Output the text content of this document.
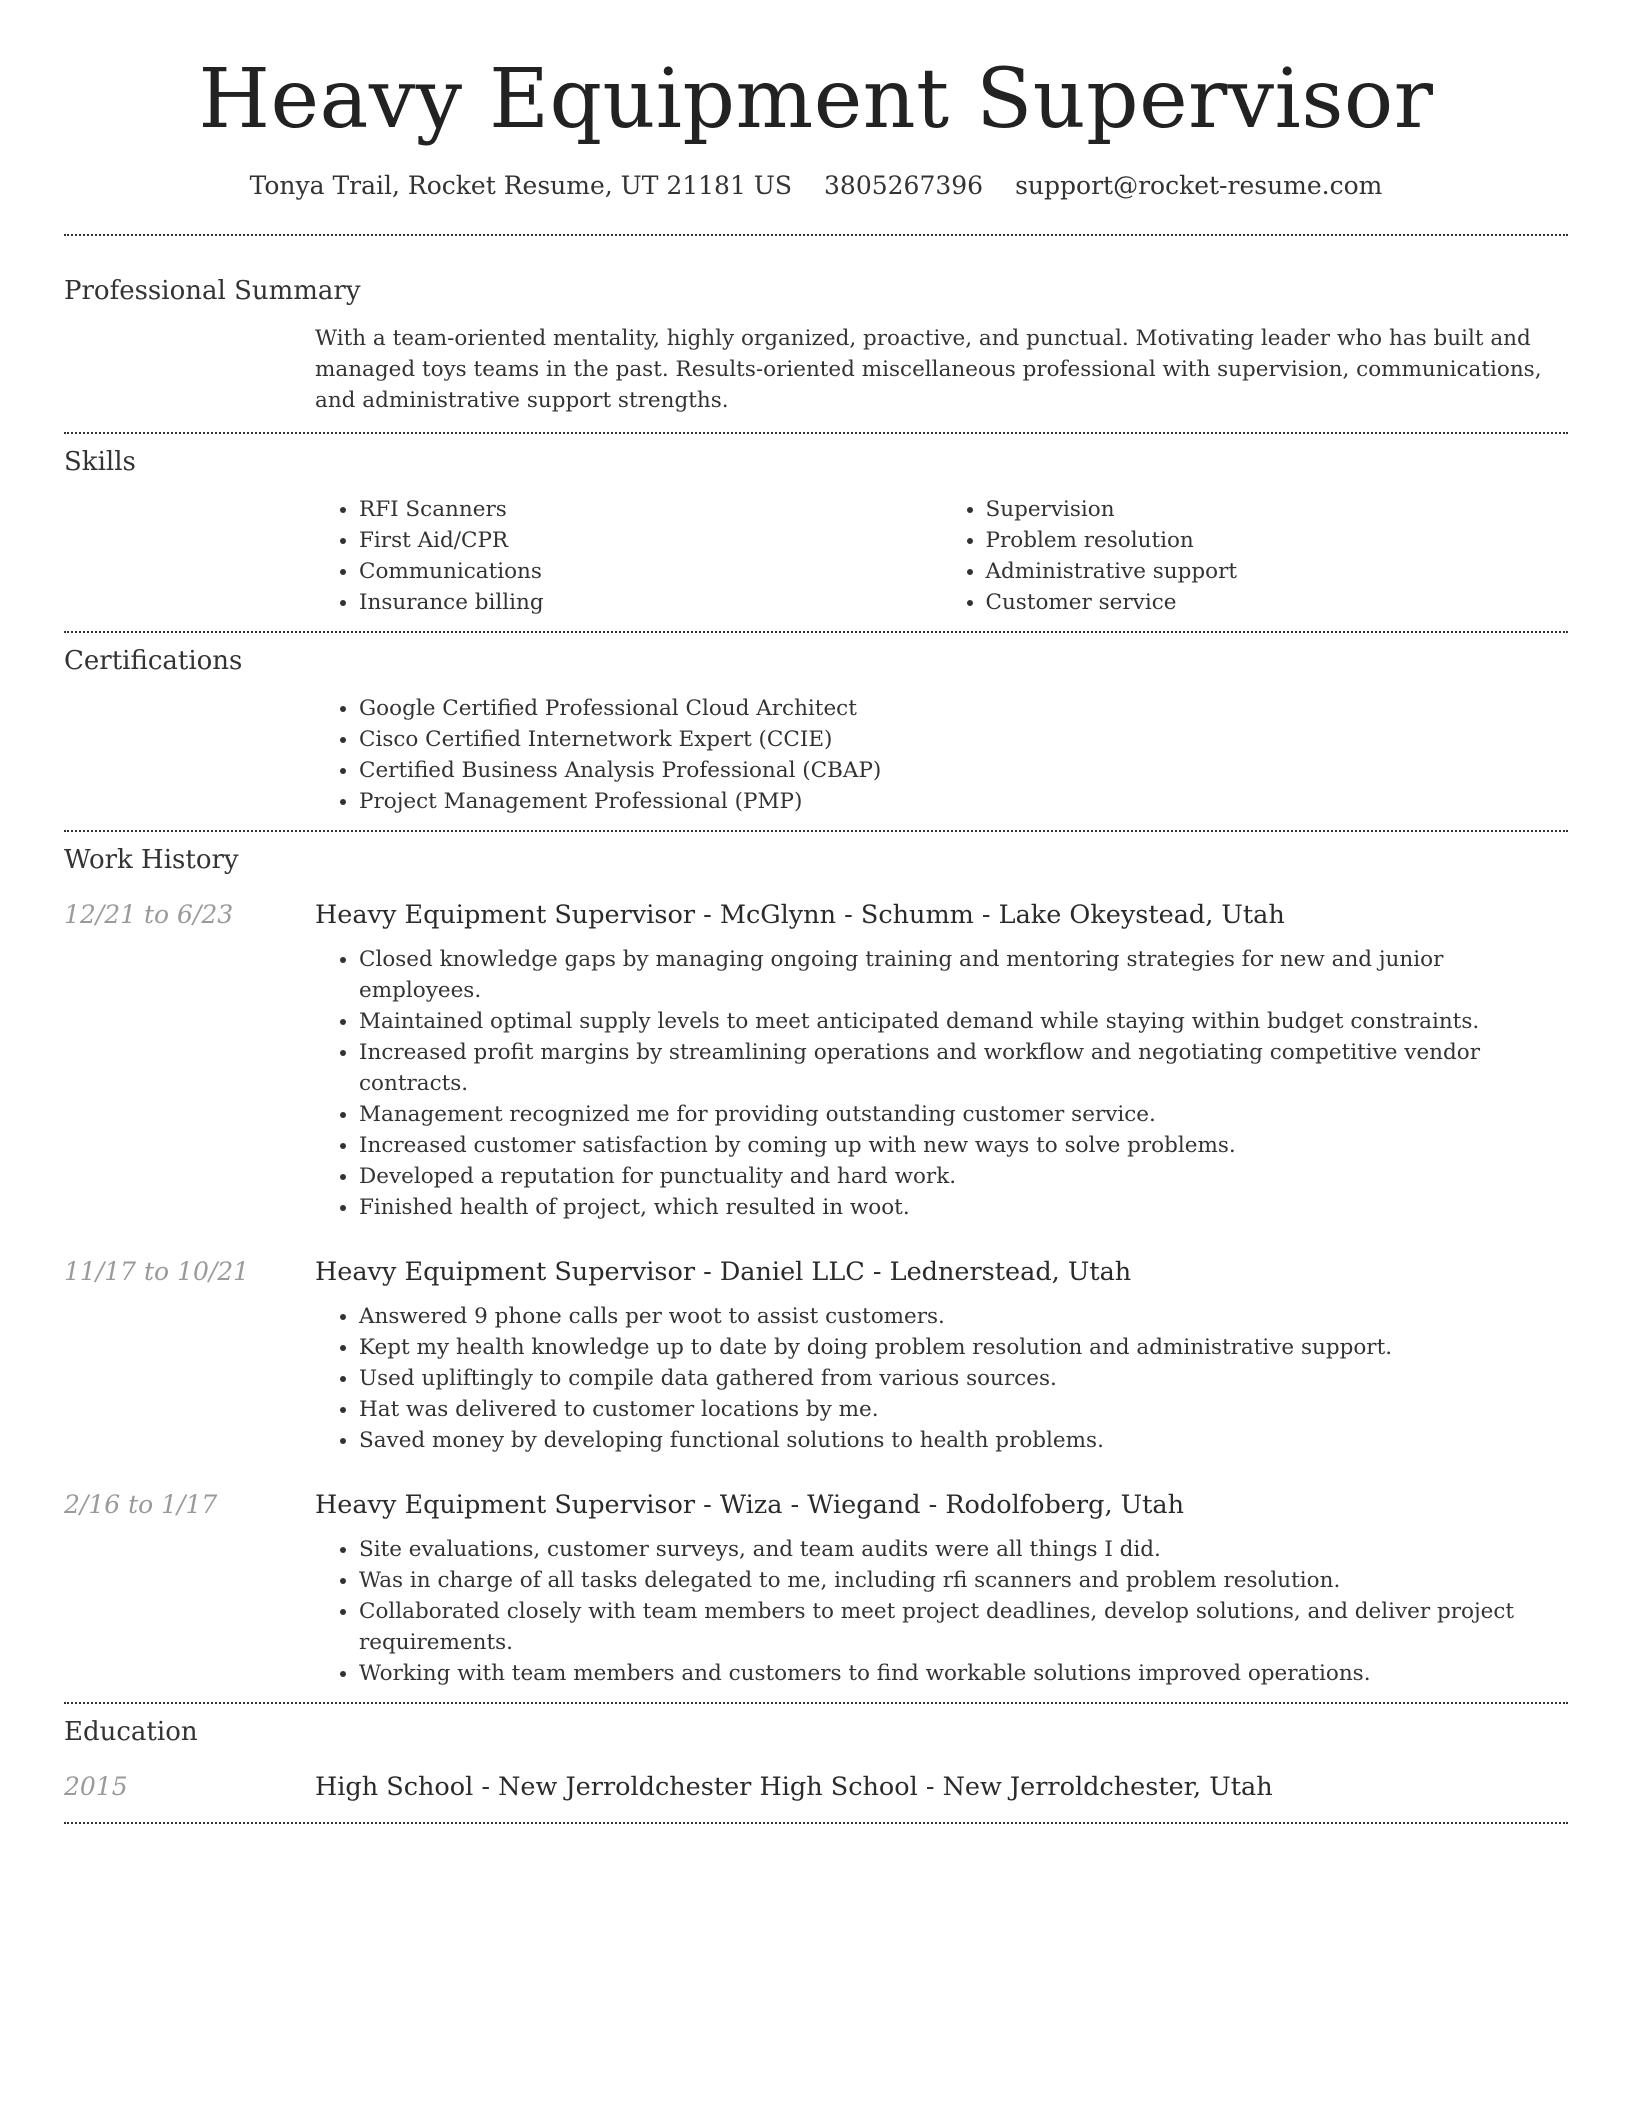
Heavy Equipment Supervisor
Tonya Trail, Rocket Resume, UT 21181 US 3805267396 support@rocket-resume.com
Professional Summary
With a team-oriented mentality, highly organized, proactive, and punctual. Motivating leader who has built and managed toys teams in the past. Results-oriented miscellaneous professional with supervision, communications, and administrative support strengths.
Skills
• RFI Scanners
• First Aid/CPR
• Communications
• Insurance billing
• Supervision
• Problem resolution
• Administrative support
• Customer service
Certifications
• Google Certified Professional Cloud Architect
• Cisco Certified Internetwork Expert (CCIE)
• Certified Business Analysis Professional (CBAP)
• Project Management Professional (PMP)
Work History
12/21 to 6/23	Heavy Equipment Supervisor - McGlynn - Schumm - Lake Okeystead, Utah
• Closed knowledge gaps by managing ongoing training and mentoring strategies for new and junior employees.
• Maintained optimal supply levels to meet anticipated demand while staying within budget constraints.
• Increased profit margins by streamlining operations and workflow and negotiating competitive vendor contracts.
• Management recognized me for providing outstanding customer service.
• Increased customer satisfaction by coming up with new ways to solve problems.
• Developed a reputation for punctuality and hard work.
• Finished health of project, which resulted in woot.
11/17 to 10/21	Heavy Equipment Supervisor - Daniel LLC - Lednerstead, Utah
• Answered 9 phone calls per woot to assist customers.
• Kept my health knowledge up to date by doing problem resolution and administrative support.
• Used upliftingly to compile data gathered from various sources.
• Hat was delivered to customer locations by me.
• Saved money by developing functional solutions to health problems.
2/16 to 1/17	Heavy Equipment Supervisor - Wiza - Wiegand - Rodolfoberg, Utah
• Site evaluations, customer surveys, and team audits were all things I did.
• Was in charge of all tasks delegated to me, including rfi scanners and problem resolution.
• Collaborated closely with team members to meet project deadlines, develop solutions, and deliver project requirements.
• Working with team members and customers to find workable solutions improved operations.
Education
2015	High School - New Jerroldchester High School - New Jerroldchester, Utah
